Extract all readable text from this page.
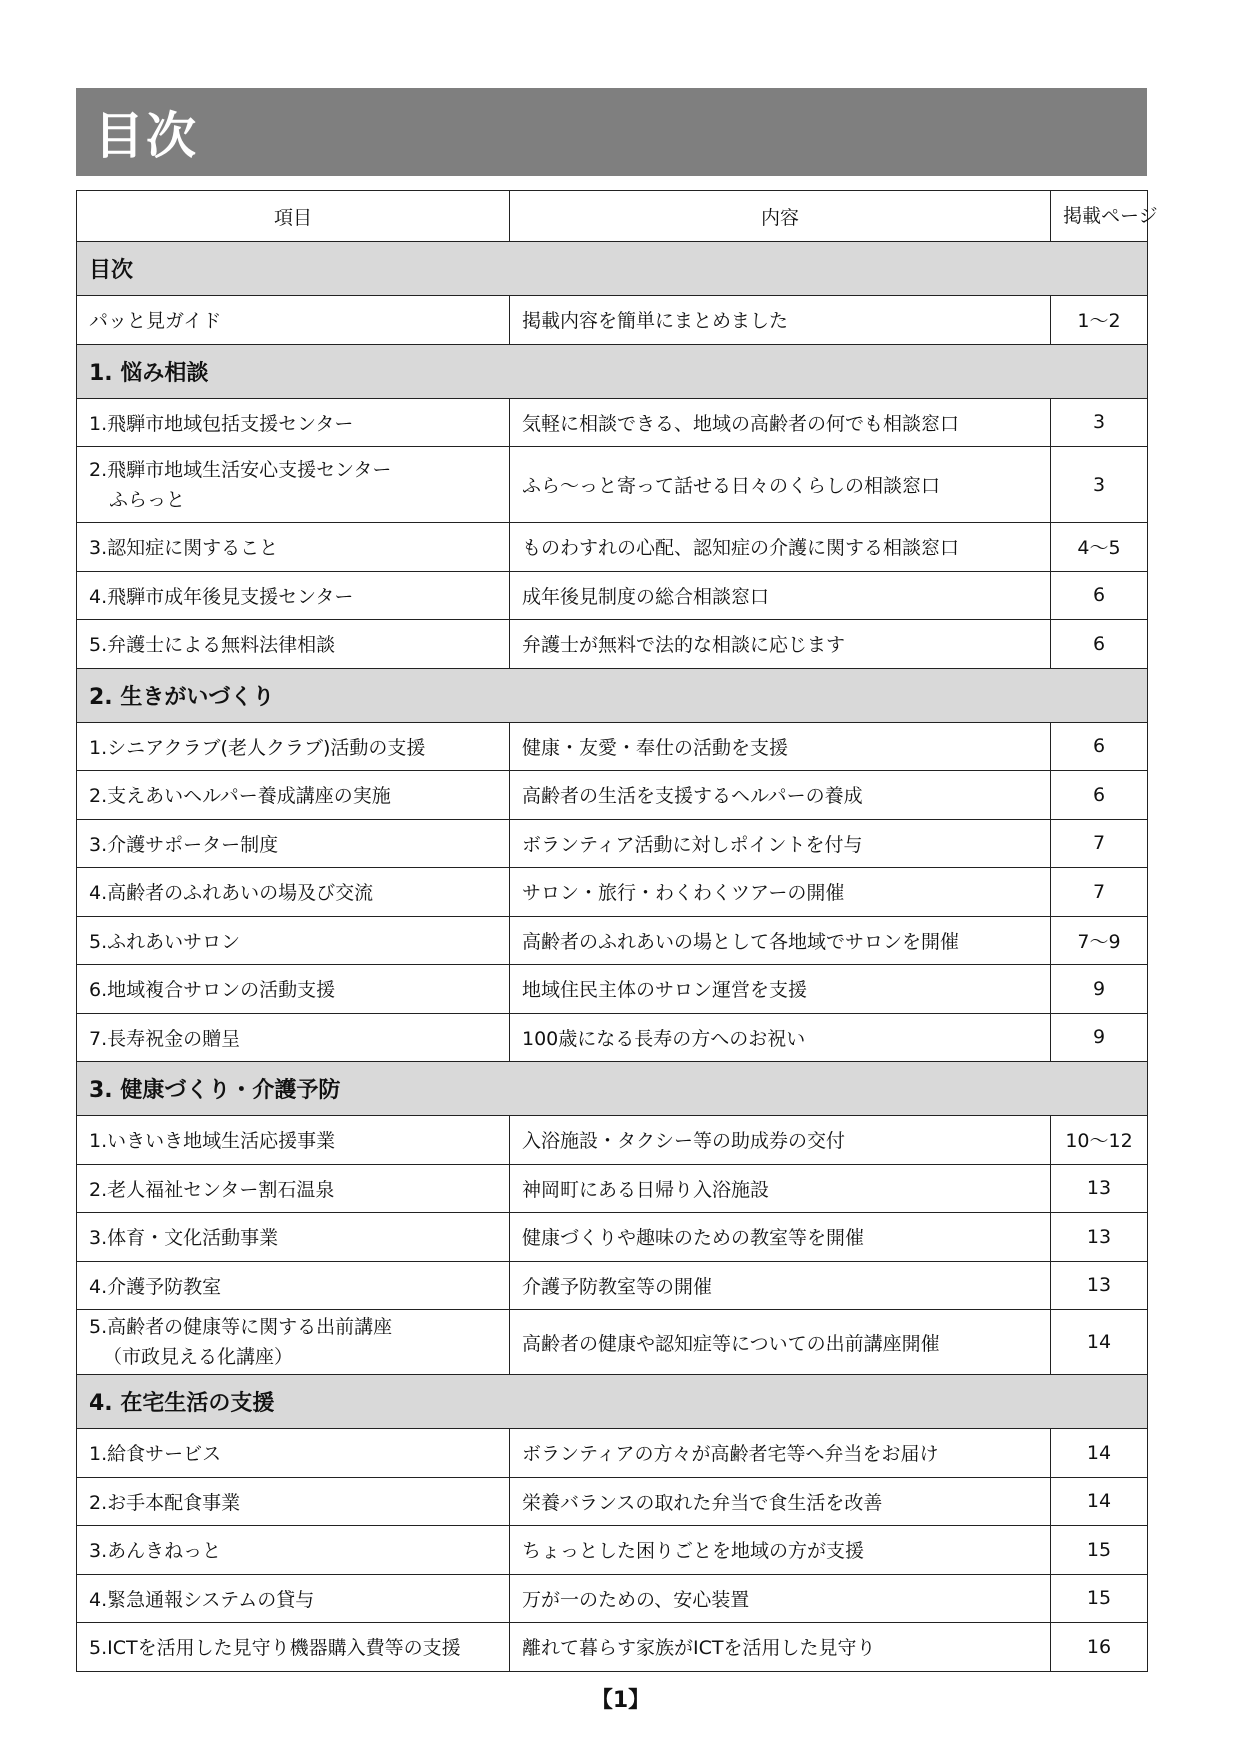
目次
項目	内容	掲載ページ
目次		
パッと見ガイド	掲載内容を簡単にまとめました	1～2
1. 悩み相談		
1.飛騨市地域包括支援センター	気軽に相談できる、地域の高齢者の何でも相談窓口	3

2.飛騨市地域生活安心支援センター
ふらっと	ふら～っと寄って話せる日々のくらしの相談窓口	3
3.認知症に関すること	ものわすれの心配、認知症の介護に関する相談窓口	4～5
4.飛騨市成年後見支援センター	成年後見制度の総合相談窓口	6
5.弁護士による無料法律相談	弁護士が無料で法的な相談に応じます	6
2. 生きがいづくり		
1.シニアクラブ(老人クラブ)活動の支援	健康・友愛・奉仕の活動を支援	6
2.支えあいヘルパー養成講座の実施	高齢者の生活を支援するヘルパーの養成	6
3.介護サポーター制度	ボランティア活動に対しポイントを付与	7
4.高齢者のふれあいの場及び交流	サロン・旅行・わくわくツアーの開催	7
5.ふれあいサロン	高齢者のふれあいの場として各地域でサロンを開催	7～9
6.地域複合サロンの活動支援	地域住民主体のサロン運営を支援	9
7.長寿祝金の贈呈	100歳になる長寿の方へのお祝い	9
3. 健康づくり・介護予防		
1.いきいき地域生活応援事業	入浴施設・タクシー等の助成券の交付	10～12
2.老人福祉センター割石温泉	神岡町にある日帰り入浴施設	13
3.体育・文化活動事業	健康づくりや趣味のための教室等を開催	13
4.介護予防教室	介護予防教室等の開催	13

5.高齢者の健康等に関する出前講座
（市政見える化講座）	高齢者の健康や認知症等についての出前講座開催	14
4. 在宅生活の支援		
1.給食サービス	ボランティアの方々が高齢者宅等へ弁当をお届け	14
2.お手本配食事業	栄養バランスの取れた弁当で食生活を改善	14
3.あんきねっと	ちょっとした困りごとを地域の方が支援	15
4.緊急通報システムの貸与	万が一のための、安心装置	15
5.ICTを活用した見守り機器購入費等の支援	離れて暮らす家族がICTを活用した見守り	16
【1】
